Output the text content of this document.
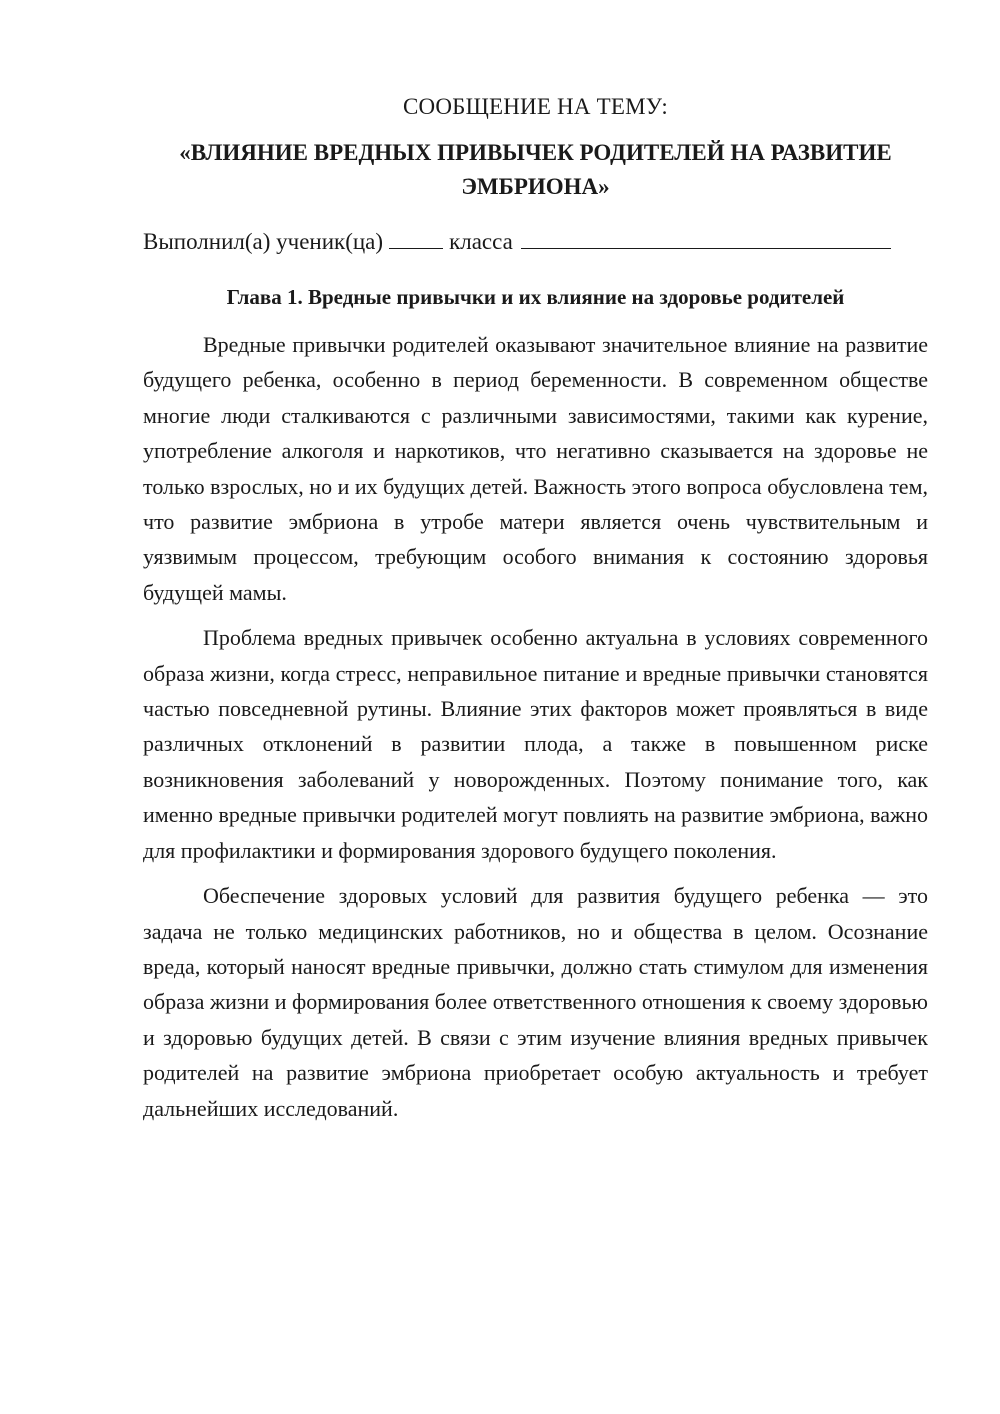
СООБЩЕНИЕ НА ТЕМУ:

«ВЛИЯНИЕ ВРЕДНЫХ ПРИВЫЧЕК РОДИТЕЛЕЙ НА РАЗВИТИЕ ЭМБРИОНА»

Выполнил(а) ученик(ца)	класса

Глава 1. Вредные привычки и их влияние на здоровье родителей

Вредные привычки родителей оказывают значительное влияние на развитие будущего ребенка, особенно в период беременности. В современном обществе многие люди сталкиваются с различными зависимостями, такими как курение, употребление алкоголя и наркотиков, что негативно сказывается на здоровье не только взрослых, но и их будущих детей. Важность этого вопроса обусловлена тем, что развитие эмбриона в утробе матери является очень чувствительным и уязвимым процессом, требующим особого внимания к состоянию здоровья будущей мамы.

Проблема вредных привычек особенно актуальна в условиях современного образа жизни, когда стресс, неправильное питание и вредные привычки становятся частью повседневной рутины. Влияние этих факторов может проявляться в виде различных отклонений в развитии плода, а также в повышенном риске возникновения заболеваний у новорожденных. Поэтому понимание того, как именно вредные привычки родителей могут повлиять на развитие эмбриона, важно для профилактики и формирования здорового будущего поколения.

Обеспечение здоровых условий для развития будущего ребенка — это задача не только медицинских работников, но и общества в целом. Осознание вреда, который наносят вредные привычки, должно стать стимулом для изменения образа жизни и формирования более ответственного отношения к своему здоровью и здоровью будущих детей. В связи с этим изучение влияния вредных привычек родителей на развитие эмбриона приобретает особую актуальность и требует дальнейших исследований.
